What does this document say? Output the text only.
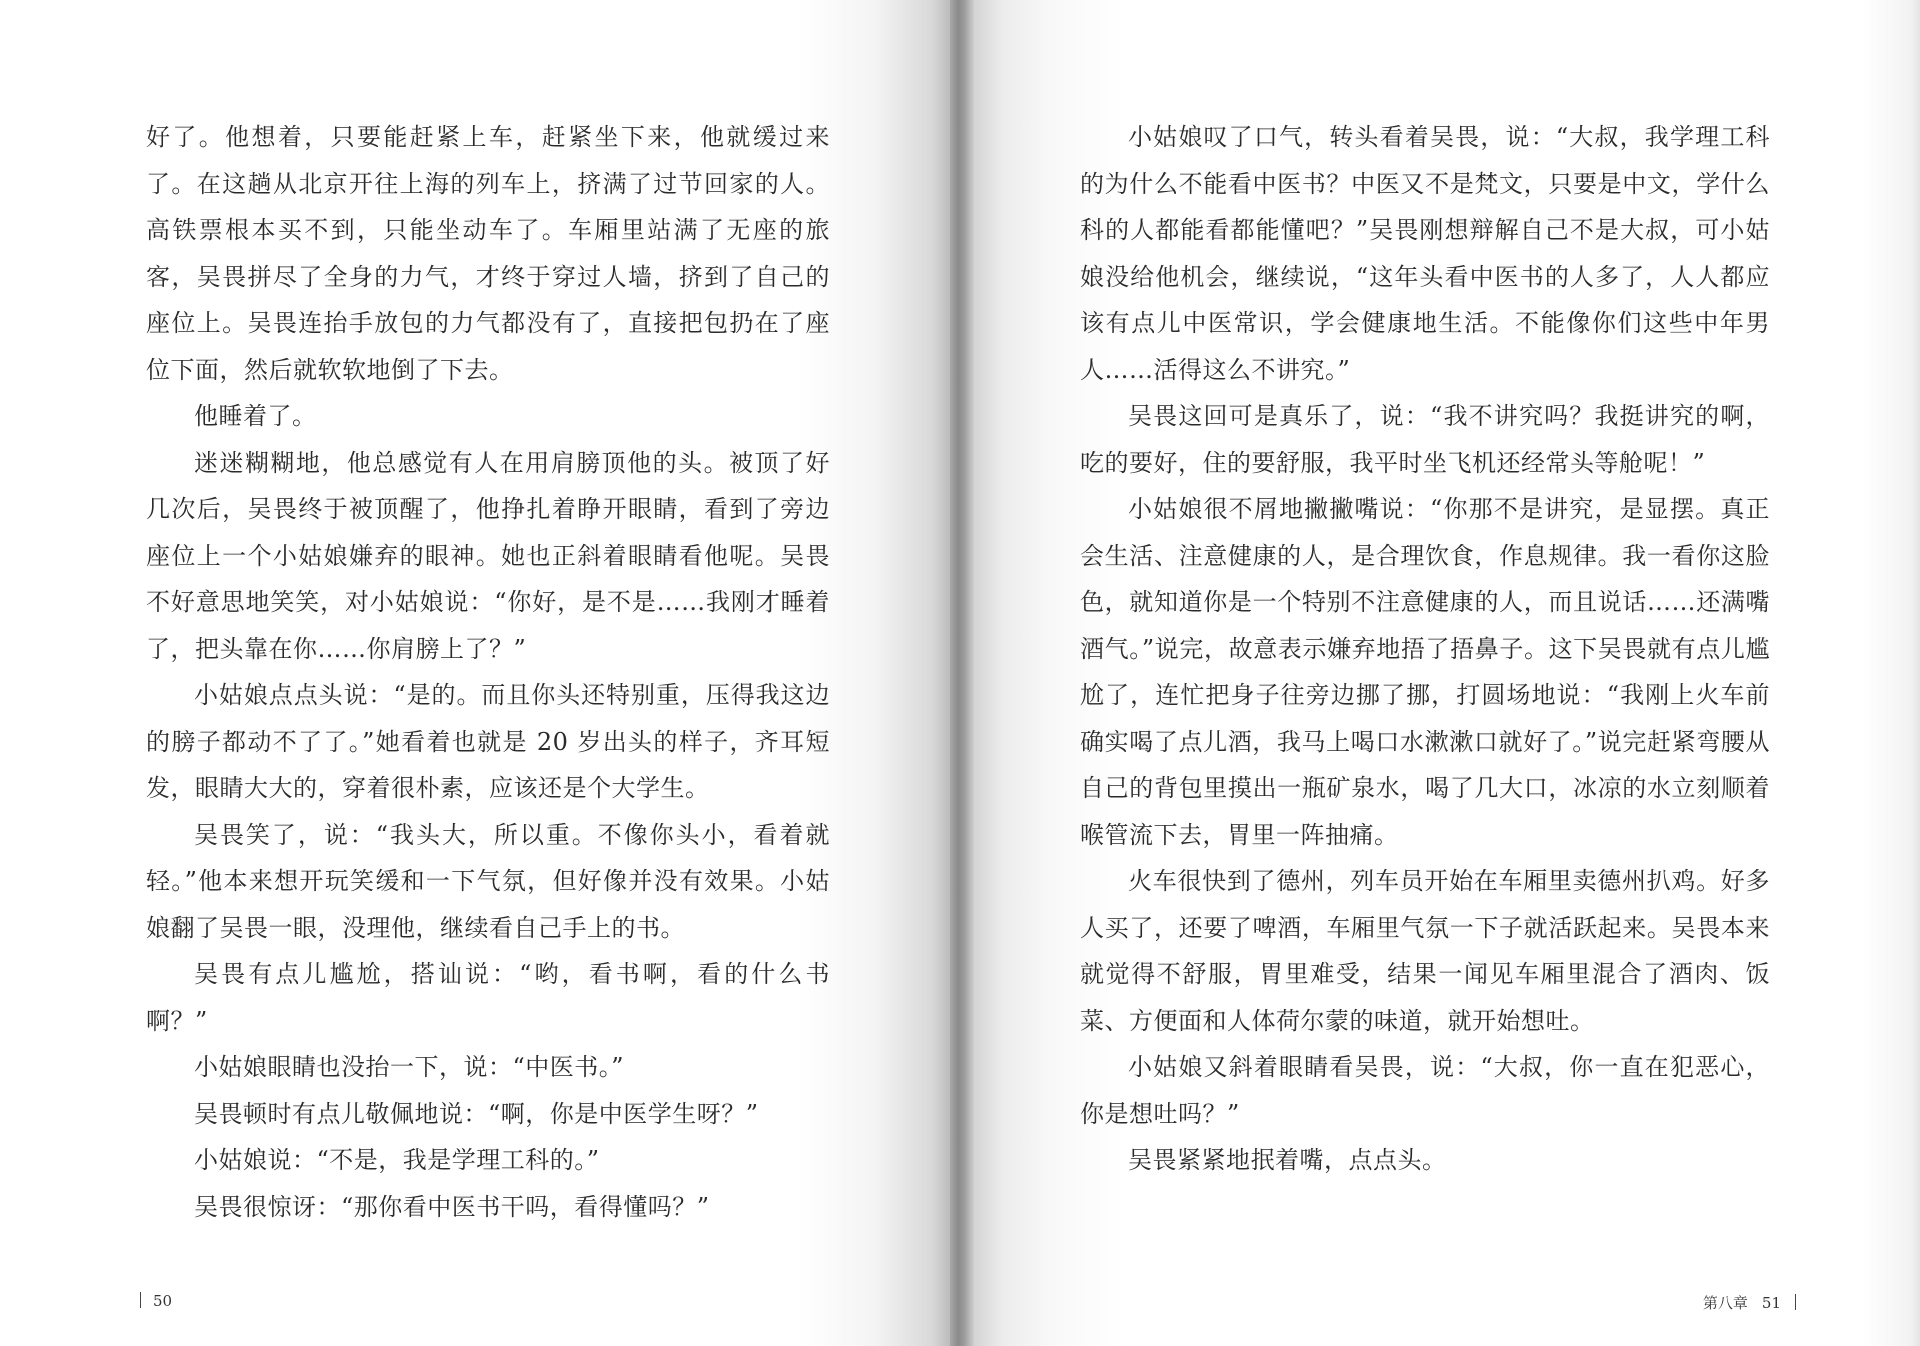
好了。他想着，只要能赶紧上车，赶紧坐下来，他就缓过来了。在这趟从北京开往上海的列车上，挤满了过节回家的人。高铁票根本买不到，只能坐动车了。车厢里站满了无座的旅客，吴畏拼尽了全身的力气，才终于穿过人墙，挤到了自己的座位上。吴畏连抬手放包的力气都没有了，直接把包扔在了座位下面，然后就软软地倒了下去。

他睡着了。

迷迷糊糊地，他总感觉有人在用肩膀顶他的头。被顶了好几次后，吴畏终于被顶醒了，他挣扎着睁开眼睛，看到了旁边座位上一个小姑娘嫌弃的眼神。她也正斜着眼睛看他呢。吴畏不好意思地笑笑，对小姑娘说：“你好，是不是……我刚才睡着了，把头靠在你……你肩膀上了？”

小姑娘点点头说：“是的。而且你头还特别重，压得我这边的膀子都动不了了。”她看着也就是 20 岁出头的样子，齐耳短发，眼睛大大的，穿着很朴素，应该还是个大学生。

吴畏笑了，说：“我头大，所以重。不像你头小，看着就轻。”他本来想开玩笑缓和一下气氛，但好像并没有效果。小姑娘翻了吴畏一眼，没理他，继续看自己手上的书。

吴畏有点儿尴尬，搭讪说：“哟，看书啊，看的什么书啊？”

小姑娘眼睛也没抬一下，说：“中医书。”

吴畏顿时有点儿敬佩地说：“啊，你是中医学生呀？”

小姑娘说：“不是，我是学理工科的。”

吴畏很惊讶：“那你看中医书干吗，看得懂吗？”

50

小姑娘叹了口气，转头看着吴畏，说：“大叔，我学理工科的为什么不能看中医书？中医又不是梵文，只要是中文，学什么科的人都能看都能懂吧？”吴畏刚想辩解自己不是大叔，可小姑娘没给他机会，继续说，“这年头看中医书的人多了，人人都应该有点儿中医常识，学会健康地生活。不能像你们这些中年男人……活得这么不讲究。”

吴畏这回可是真乐了，说：“我不讲究吗？我挺讲究的啊，吃的要好，住的要舒服，我平时坐飞机还经常头等舱呢！”

小姑娘很不屑地撇撇嘴说：“你那不是讲究，是显摆。真正会生活、注意健康的人，是合理饮食，作息规律。我一看你这脸色，就知道你是一个特别不注意健康的人，而且说话……还满嘴酒气。”说完，故意表示嫌弃地捂了捂鼻子。这下吴畏就有点儿尴尬了，连忙把身子往旁边挪了挪，打圆场地说：“我刚上火车前确实喝了点儿酒，我马上喝口水漱漱口就好了。”说完赶紧弯腰从自己的背包里摸出一瓶矿泉水，喝了几大口，冰凉的水立刻顺着喉管流下去，胃里一阵抽痛。

火车很快到了德州，列车员开始在车厢里卖德州扒鸡。好多人买了，还要了啤酒，车厢里气氛一下子就活跃起来。吴畏本来就觉得不舒服，胃里难受，结果一闻见车厢里混合了酒肉、饭菜、方便面和人体荷尔蒙的味道，就开始想吐。

小姑娘又斜着眼睛看吴畏，说：“大叔，你一直在犯恶心，你是想吐吗？”

吴畏紧紧地抿着嘴，点点头。

第八章 51
